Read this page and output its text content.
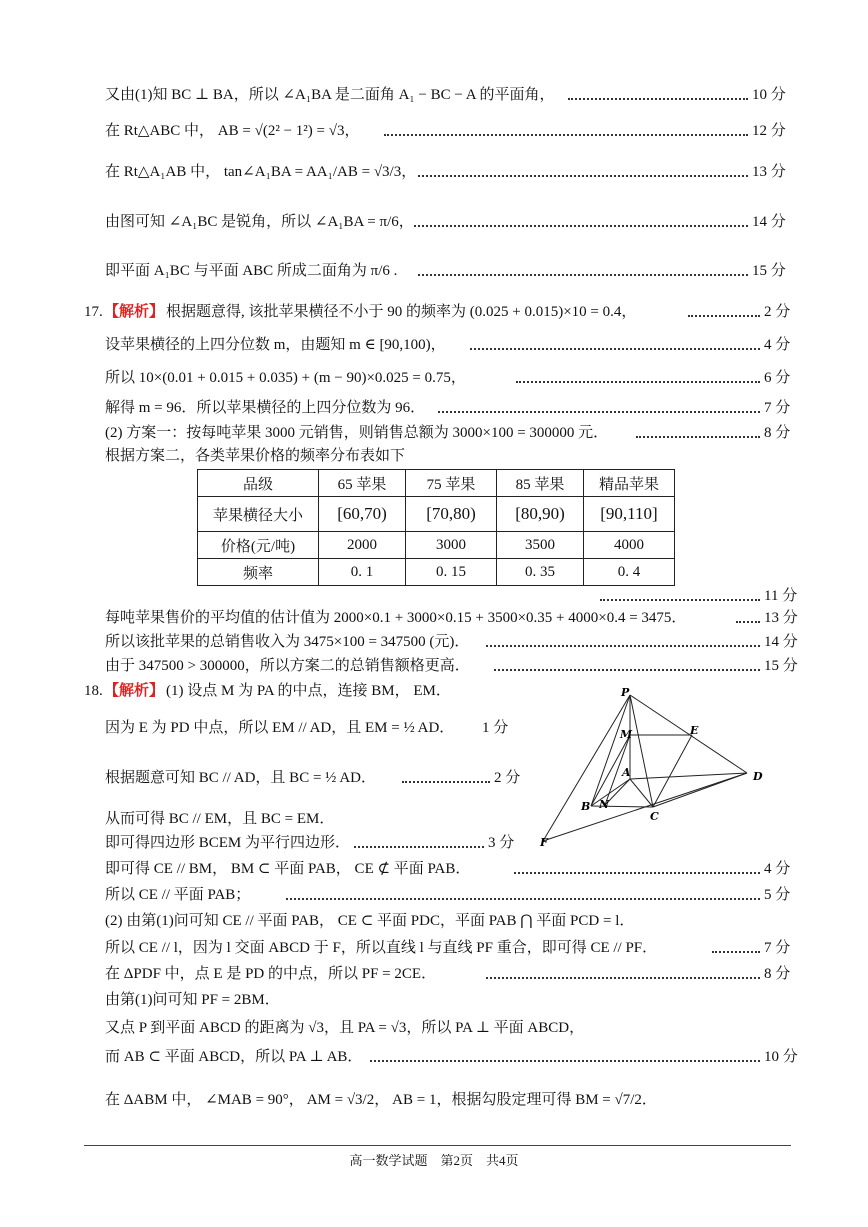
又由(1)知 BC ⊥ BA，所以 ∠A₁BA 是二面角 A₁ − BC − A 的平面角，	10 分
在 Rt△ABC 中， AB = √(2² − 1²) = √3，	12 分
在 Rt△A₁AB 中， tan∠A₁BA = AA₁/AB = √3/3，	13 分
由图可知 ∠A₁BC 是锐角，所以 ∠A₁BA = π/6，	14 分
即平面 A₁BC 与平面 ABC 所成二面角为 π/6 .	15 分
17. 【解析】 根据题意得, 该批苹果横径不小于 90 的频率为 (0.025 + 0.015)×10 = 0.4，	2 分
设苹果横径的上四分位数 m，由题知 m ∈ [90,100)，	4 分
所以 10×(0.01 + 0.015 + 0.035) + (m − 90)×0.025 = 0.75，	6 分
解得 m = 96．所以苹果横径的上四分位数为 96．	7 分
(2) 方案一：按每吨苹果 3000 元销售，则销售总额为 3000×100 = 300000 元．	8 分
根据方案二，各类苹果价格的频率分布表如下
品级	65 苹果	75 苹果	85 苹果	精品苹果
苹果横径大小	[60,70)	[70,80)	[80,90)	[90,110]
价格(元/吨)	2000	3000	3500	4000
频率	0. 1	0. 15	0. 35	0. 4
11 分
每吨苹果售价的平均值的估计值为 2000×0.1 + 3000×0.15 + 3500×0.35 + 4000×0.4 = 3475．	13 分
所以该批苹果的总销售收入为 3475×100 = 347500 (元)．	14 分
由于 347500 > 300000，所以方案二的总销售额格更高．	15 分
18. 【解析】 (1) 设点 M 为 PA 的中点，连接 BM， EM．
因为 E 为 PD 中点，所以 EM // AD，且 EM = ½ AD． 1 分
根据题意可知 BC // AD，且 BC = ½ AD．	2 分
从而可得 BC // EM，且 BC = EM．
即可得四边形 BCEM 为平行四边形．	3 分
P
M	E
A	D
B N
C
F
即可得 CE // BM， BM ⊂ 平面 PAB， CE ⊄ 平面 PAB．	4 分
所以 CE // 平面 PAB；	5 分
(2) 由第(1)问可知 CE // 平面 PAB， CE ⊂ 平面 PDC，平面 PAB ⋂ 平面 PCD = l．
所以 CE // l，因为 l 交面 ABCD 于 F，所以直线 l 与直线 PF 重合，即可得 CE // PF．	7 分
在 ΔPDF 中，点 E 是 PD 的中点，所以 PF = 2CE．	8 分
由第(1)问可知 PF = 2BM．
又点 P 到平面 ABCD 的距离为 √3，且 PA = √3，所以 PA ⊥ 平面 ABCD，
而 AB ⊂ 平面 ABCD，所以 PA ⊥ AB．	10 分
在 ΔABM 中， ∠MAB = 90°， AM = √3/2， AB = 1，根据勾股定理可得 BM = √7/2．
高一数学试题　第2页　共4页
